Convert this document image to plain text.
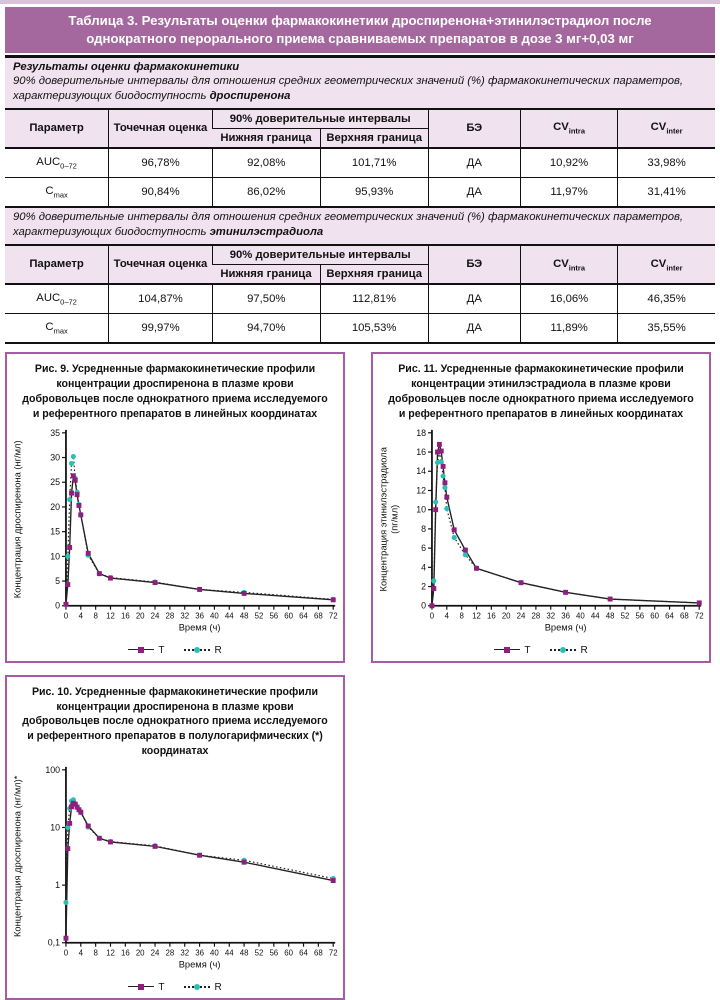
Таблица 3. Результаты оценки фармакокинетики дроспиренона+этинилэстрадиол после однократного перорального приема сравниваемых препаратов в дозе 3 мг+0,03 мг
Результаты оценки фармакокинетики
90% доверительные интервалы для отношения средних геометрических значений (%) фармакокинетических параметров, характеризующих биодоступность дроспиренона
Параметр	Точечная оценка	90% доверительные интервалы		БЭ	$CV_{intra}$	$CV_{inter}$
		Нижняя граница	Верхняя граница			
$AUC_{0-72}$	96,78%	92,08%	101,71%	ДА	10,92%	33,98%
$C_{max}$	90,84%	86,02%	95,93%	ДА	11,97%	31,41%
90% доверительные интервалы для отношения средних геометрических значений (%) фармакокинетических параметров, характеризующих биодоступность этинилэстрадиола
Параметр	Точечная оценка	90% доверительные интервалы		БЭ	$CV_{intra}$	$CV_{inter}$
		Нижняя граница	Верхняя граница			
$AUC_{0-72}$	104,87%	97,50%	112,81%	ДА	16,06%	46,35%
$C_{max}$	99,97%	94,70%	105,53%	ДА	11,89%	35,55%
Рис. 9. Усредненные фармакокинетические профили концентрации дроспиренона в плазме крови добровольцев после однократного приема исследуемого и референтного препаратов в линейных координатах
0
5
10
15
20
25
30
35
0 4 8 12 16 20 24 28 32 36 40 44 48 52 56 60 64 68 72
Время (ч)
Концентрация дроспиренона (нг/мл)
T	R
Рис. 11. Усредненные фармакокинетические профили концентрации этинилэстрадиола в плазме крови добровольцев после однократного приема исследуемого и референтного препаратов в линейных координатах
0
2
4
6
8
10
12
14
16
18
0 4 8 12 16 20 24 28 32 36 40 44 48 52 56 60 64 68 72
Время (ч)
Концентрация этинилэстрадиола (пг/мл)
T	R
Рис. 10. Усредненные фармакокинетические профили концентрации дроспиренона в плазме крови добровольцев после однократного приема исследуемого и референтного препаратов в полулогарифмических (*) координатах
0,1
1
10
100
0 4 8 12 16 20 24 28 32 36 40 44 48 52 56 60 64 68 72
Время (ч)
Концентрация дроспиренона (нг/мл)*
T	R
